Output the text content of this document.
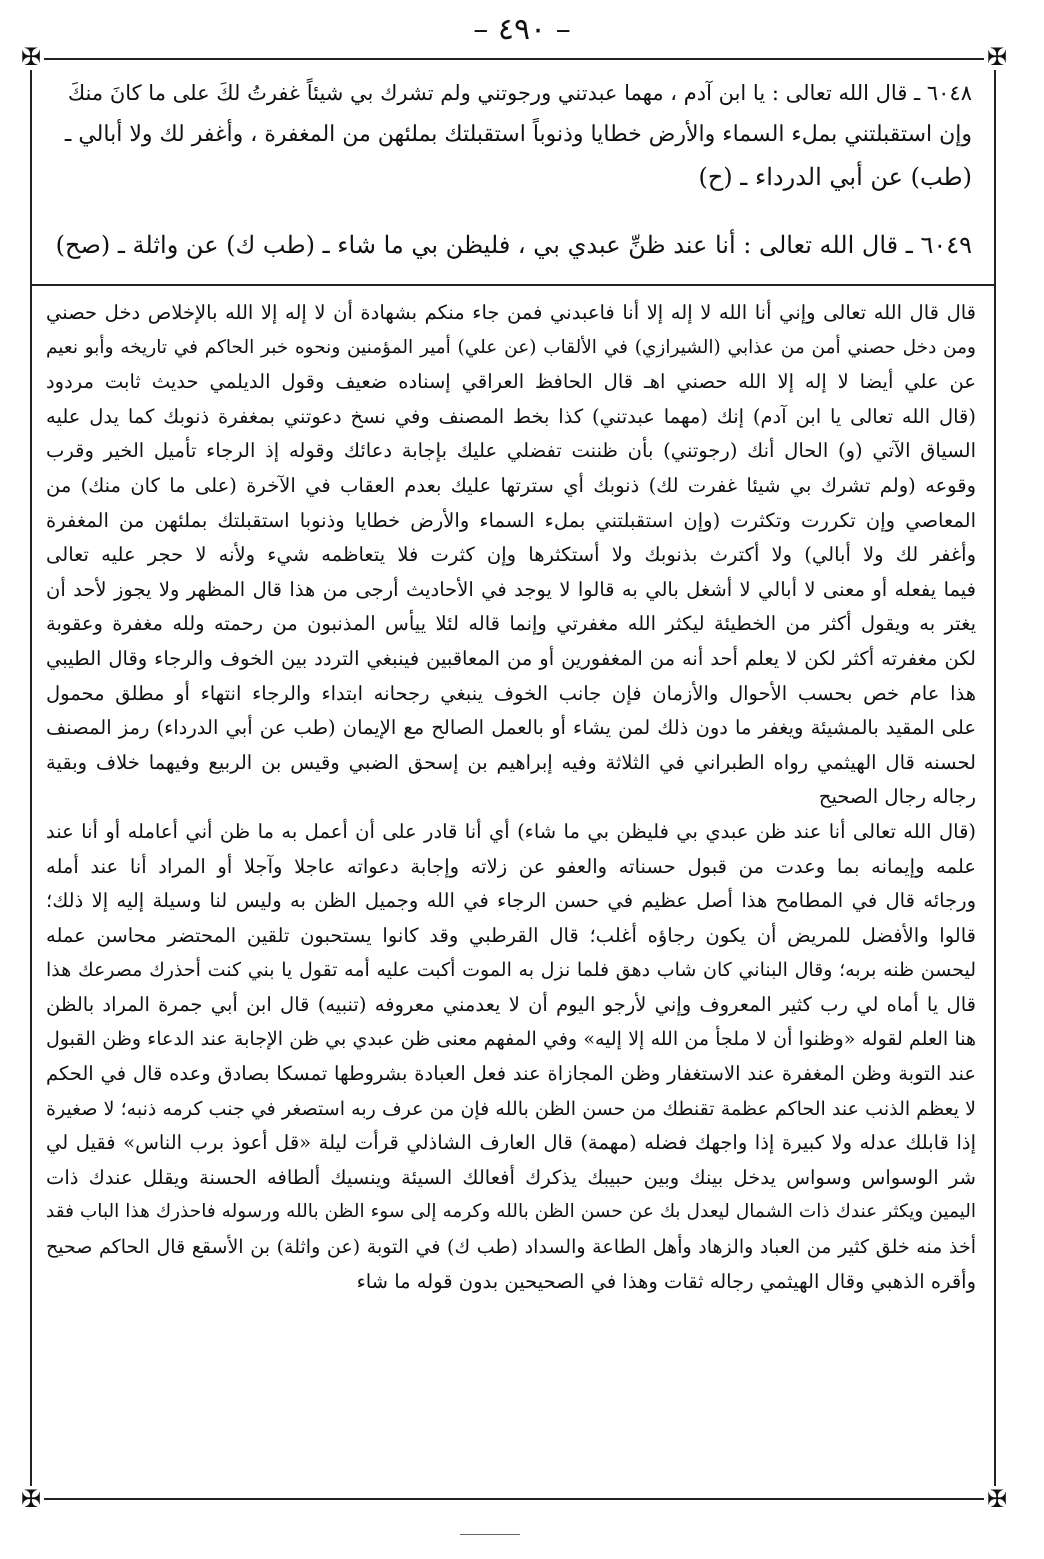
– ٤٩٠ –
✠	✠
✠	✠
٦٠٤٨ ـ قال الله تعالى : يا ابن آدم ، مهما عبدتني ورجوتني ولم تشرك بي شيئاً غفرتُ لكَ على ما كانَ منكَ
وإن استقبلتني بملء السماء والأرض خطايا وذنوباً استقبلتك بملئهن من المغفرة ، وأغفر لك ولا أبالي ـ
(طب) عن أبي الدرداء ـ (ح)
٦٠٤٩ ـ قال الله تعالى : أنا عند ظنِّ عبدي بي ، فليظن بي ما شاء ـ (طب ك) عن واثلة ـ (صح)
قال قال الله تعالى وإني أنا الله لا إله إلا أنا فاعبدني فمن جاء منكم بشهادة أن لا إله إلا الله بالإخلاص دخل حصني
ومن دخل حصني أمن من عذابي (الشيرازي) في الألقاب (عن علي) أمير المؤمنين ونحوه خبر الحاكم في تاريخه وأبو نعيم
عن علي أيضا لا إله إلا الله حصني اهـ قال الحافظ العراقي إسناده ضعيف وقول الديلمي حديث ثابت مردود
(قال الله تعالى يا ابن آدم) إنك (مهما عبدتني) كذا بخط المصنف وفي نسخ دعوتني بمغفرة ذنوبك كما يدل عليه
السياق الآتي (و) الحال أنك (رجوتني) بأن ظننت تفضلي عليك بإجابة دعائك وقوله إذ الرجاء تأميل الخير وقرب
وقوعه (ولم تشرك بي شيئا غفرت لك) ذنوبك أي سترتها عليك بعدم العقاب في الآخرة (على ما كان منك) من
المعاصي وإن تكررت وتكثرت (وإن استقبلتني بملء السماء والأرض خطايا وذنوبا استقبلتك بملئهن من المغفرة
وأغفر لك ولا أبالي) ولا أكترث بذنوبك ولا أستكثرها وإن كثرت فلا يتعاظمه شيء ولأنه لا حجر عليه تعالى
فيما يفعله أو معنى لا أبالي لا أشغل بالي به قالوا لا يوجد في الأحاديث أرجى من هذا قال المظهر ولا يجوز لأحد أن
يغتر به ويقول أكثر من الخطيئة ليكثر الله مغفرتي وإنما قاله لئلا ييأس المذنبون من رحمته ولله مغفرة وعقوبة
لكن مغفرته أكثر لكن لا يعلم أحد أنه من المغفورين أو من المعاقبين فينبغي التردد بين الخوف والرجاء وقال الطيبي
هذا عام خص بحسب الأحوال والأزمان فإن جانب الخوف ينبغي رجحانه ابتداء والرجاء انتهاء أو مطلق محمول
على المقيد بالمشيئة ويغفر ما دون ذلك لمن يشاء أو بالعمل الصالح مع الإيمان (طب عن أبي الدرداء) رمز المصنف
لحسنه قال الهيثمي رواه الطبراني في الثلاثة وفيه إبراهيم بن إسحق الضبي وقيس بن الربيع وفيهما خلاف وبقية
رجاله رجال الصحيح
(قال الله تعالى أنا عند ظن عبدي بي فليظن بي ما شاء) أي أنا قادر على أن أعمل به ما ظن أني أعامله أو أنا عند
علمه وإيمانه بما وعدت من قبول حسناته والعفو عن زلاته وإجابة دعواته عاجلا وآجلا أو المراد أنا عند أمله
ورجائه قال في المطامح هذا أصل عظيم في حسن الرجاء في الله وجميل الظن به وليس لنا وسيلة إليه إلا ذلك؛
قالوا والأفضل للمريض أن يكون رجاؤه أغلب؛ قال القرطبي وقد كانوا يستحبون تلقين المحتضر محاسن عمله
ليحسن ظنه بربه؛ وقال البناني كان شاب دهق فلما نزل به الموت أكبت عليه أمه تقول يا بني كنت أحذرك مصرعك هذا
قال يا أماه لي رب كثير المعروف وإني لأرجو اليوم أن لا يعدمني معروفه (تنبيه) قال ابن أبي جمرة المراد بالظن
هنا العلم لقوله «وظنوا أن لا ملجأ من الله إلا إليه» وفي المفهم معنى ظن عبدي بي ظن الإجابة عند الدعاء وظن القبول
عند التوبة وظن المغفرة عند الاستغفار وظن المجازاة عند فعل العبادة بشروطها تمسكا بصادق وعده قال في الحكم
لا يعظم الذنب عند الحاكم عظمة تقنطك من حسن الظن بالله فإن من عرف ربه استصغر في جنب كرمه ذنبه؛ لا صغيرة
إذا قابلك عدله ولا كبيرة إذا واجهك فضله (مهمة) قال العارف الشاذلي قرأت ليلة «قل أعوذ برب الناس» فقيل لي
شر الوسواس وسواس يدخل بينك وبين حبيبك يذكرك أفعالك السيئة وينسيك ألطافه الحسنة ويقلل عندك ذات
اليمين ويكثر عندك ذات الشمال ليعدل بك عن حسن الظن بالله وكرمه إلى سوء الظن بالله ورسوله فاحذرك هذا الباب فقد
أخذ منه خلق كثير من العباد والزهاد وأهل الطاعة والسداد (طب ك) في التوبة (عن واثلة) بن الأسقع قال الحاكم صحيح
وأقره الذهبي وقال الهيثمي رجاله ثقات وهذا في الصحيحين بدون قوله ما شاء
